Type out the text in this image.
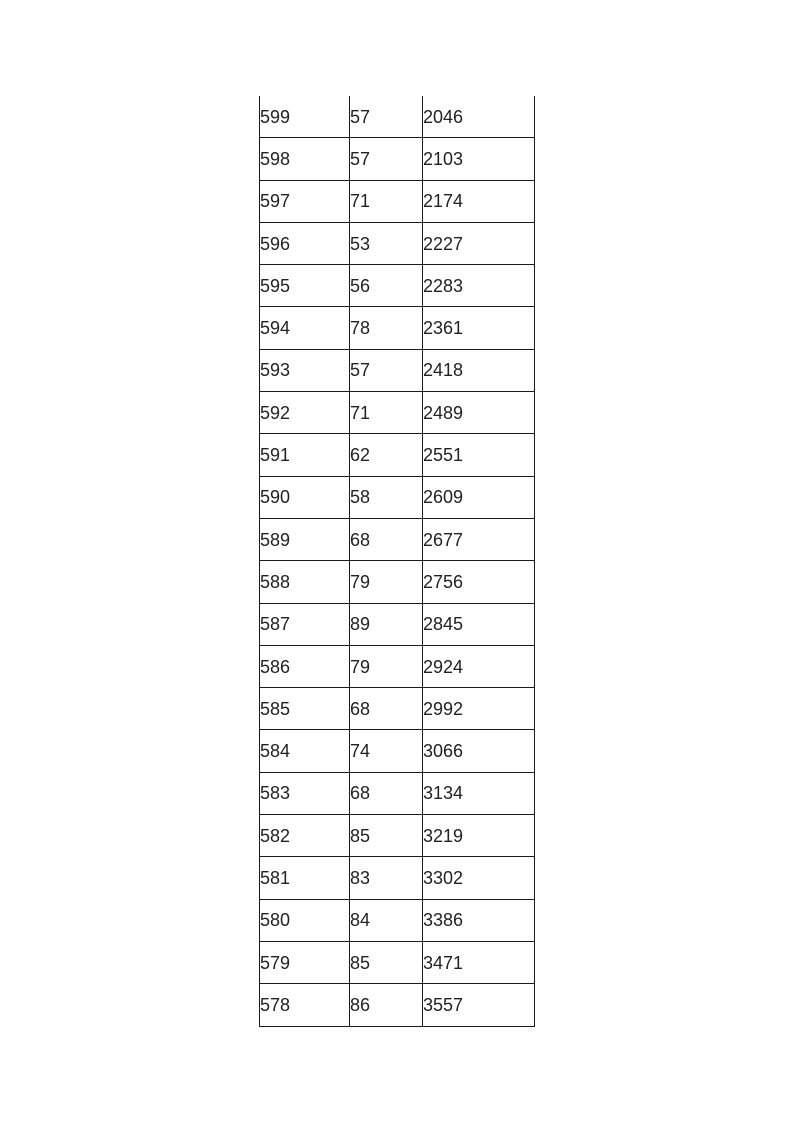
599	57	2046
598	57	2103
597	71	2174
596	53	2227
595	56	2283
594	78	2361
593	57	2418
592	71	2489
591	62	2551
590	58	2609
589	68	2677
588	79	2756
587	89	2845
586	79	2924
585	68	2992
584	74	3066
583	68	3134
582	85	3219
581	83	3302
580	84	3386
579	85	3471
578	86	3557
